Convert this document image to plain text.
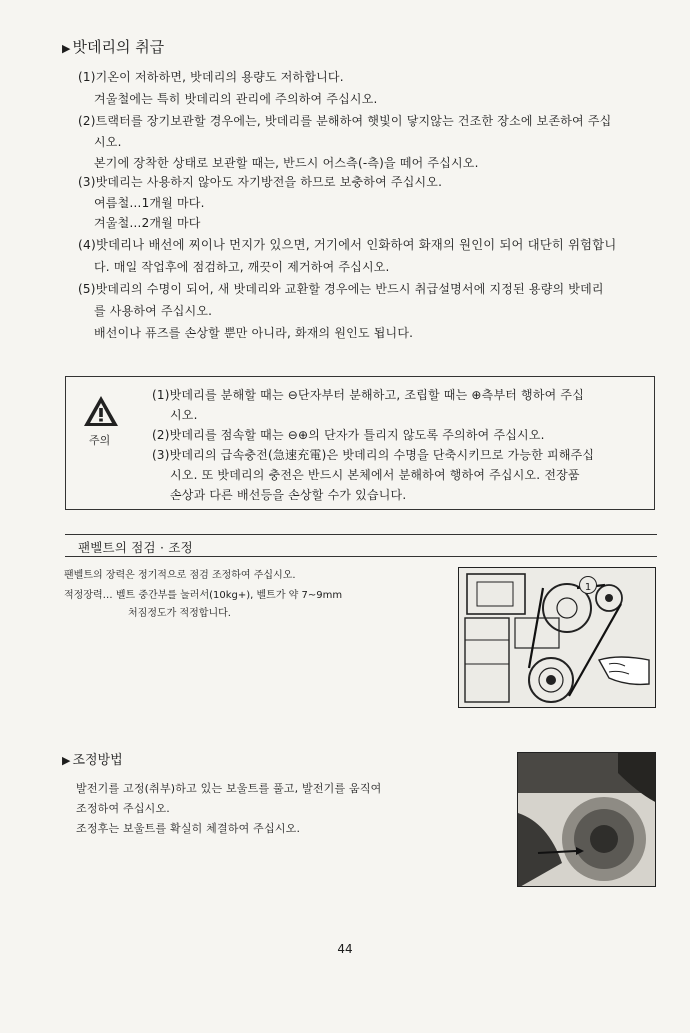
▶ 밧데리의 취급
(1)기온이 저하하면, 밧데리의 용량도 저하합니다.
겨울철에는 특히 밧데리의 관리에 주의하여 주십시오.
(2)트랙터를 장기보관할 경우에는, 밧데리를 분해하여 햇빛이 닿지않는 건조한 장소에 보존하여 주십
시오.
본기에 장착한 상태로 보관할 때는, 반드시 어스측(-측)을 떼어 주십시오.
(3)밧데리는 사용하지 않아도 자기방전을 하므로 보충하여 주십시오.
여름철…1개월 마다.
겨울철…2개월 마다
(4)밧데리나 배선에 찌이나 먼지가 있으면, 거기에서 인화하여 화재의 원인이 되어 대단히 위험합니
다. 매일 작업후에 점검하고, 깨끗이 제거하여 주십시오.
(5)밧데리의 수명이 되어, 새 밧데리와 교환할 경우에는 반드시 취급설명서에 지정된 용량의 밧데리
를 사용하여 주십시오.
배선이나 퓨즈를 손상할 뿐만 아니라, 화재의 원인도 됩니다.
주의
(1)밧데리를 분해할 때는 ⊖단자부터 분해하고, 조립할 때는 ⊕측부터 행하여 주십
시오.
(2)밧데리를 점속할 때는 ⊖⊕의 단자가 틀리지 않도록 주의하여 주십시오.
(3)밧데리의 급속충전(急速充電)은 밧데리의 수명을 단축시키므로 가능한 피해주십
시오. 또 밧데리의 충전은 반드시 본체에서 분해하여 행하여 주십시오. 전장품
손상과 다른 배선등을 손상할 수가 있습니다.
팬벨트의 점검 · 조정
팬벨트의 장력은 정기적으로 점검 조정하여 주십시오.
적정장력… 벨트 중간부를 눌러서(10kg+), 벨트가 약 7~9mm
처짐정도가 적정합니다.
1
▶ 조정방법
발전기를 고정(취부)하고 있는 보울트를 풀고, 발전기를 움직여
조정하여 주십시오.
조정후는 보울트를 확실히 체결하여 주십시오.
44
